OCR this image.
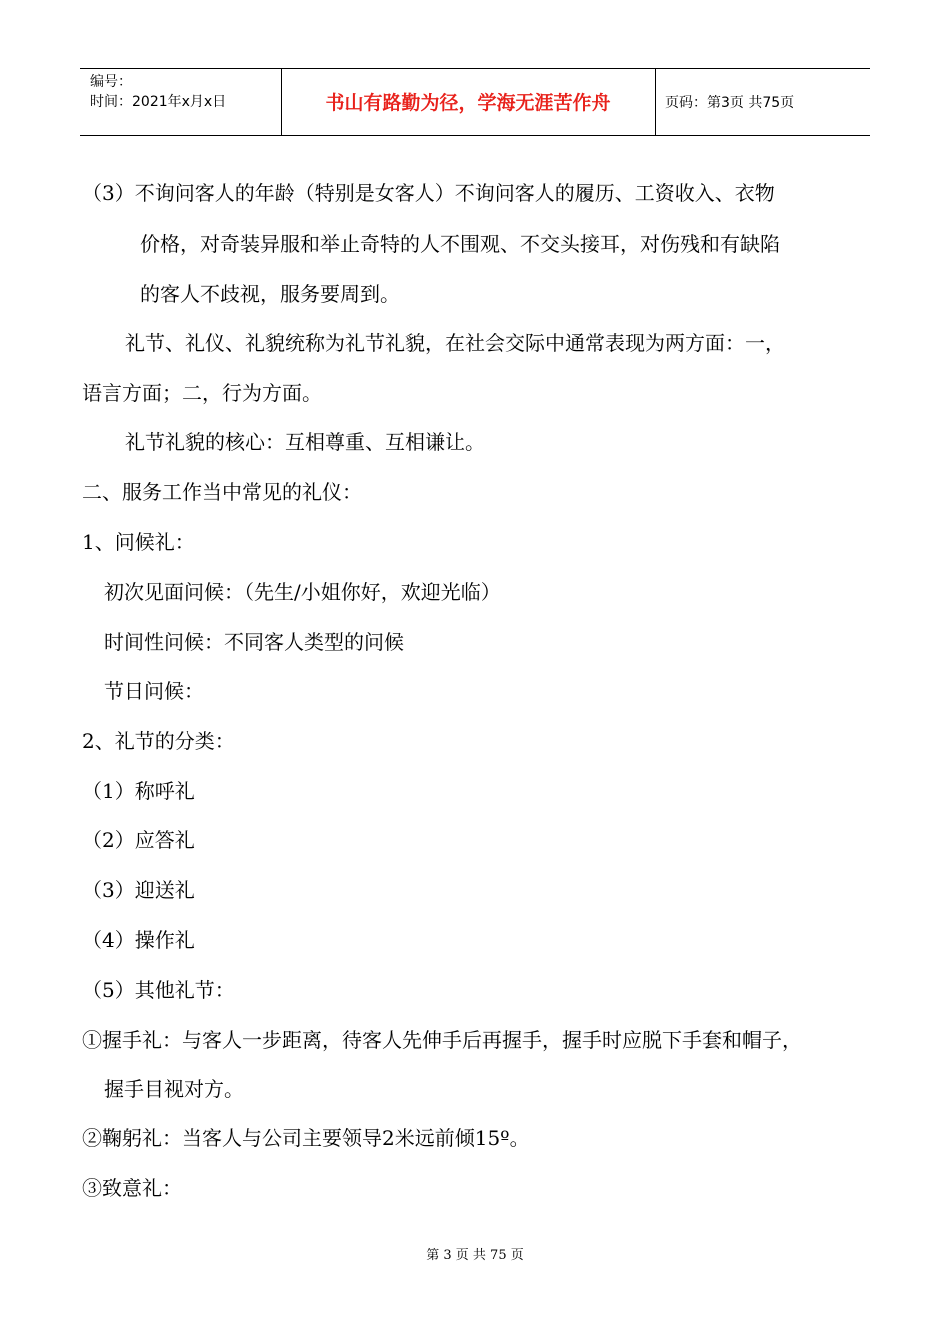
编号：
时间：2021年x月x日	书山有路勤为径，学海无涯苦作舟	页码：第3页 共75页
（3）不询问客人的年龄（特别是女客人）不询问客人的履历、工资收入、衣物
价格，对奇装异服和举止奇特的人不围观、不交头接耳，对伤残和有缺陷
的客人不歧视，服务要周到。
礼节、礼仪、礼貌统称为礼节礼貌，在社会交际中通常表现为两方面：一，
语言方面；二，行为方面。
礼节礼貌的核心：互相尊重、互相谦让。
二、服务工作当中常见的礼仪：
1、问候礼：
初次见面问候：（先生/小姐你好，欢迎光临）
时间性问候：不同客人类型的问候
节日问候：
2、礼节的分类：
（1）称呼礼
（2）应答礼
（3）迎送礼
（4）操作礼
（5）其他礼节：
①握手礼：与客人一步距离，待客人先伸手后再握手，握手时应脱下手套和帽子，
握手目视对方。
②鞠躬礼：当客人与公司主要领导2米远前倾15º。
③致意礼：
第 3 页 共 75 页
